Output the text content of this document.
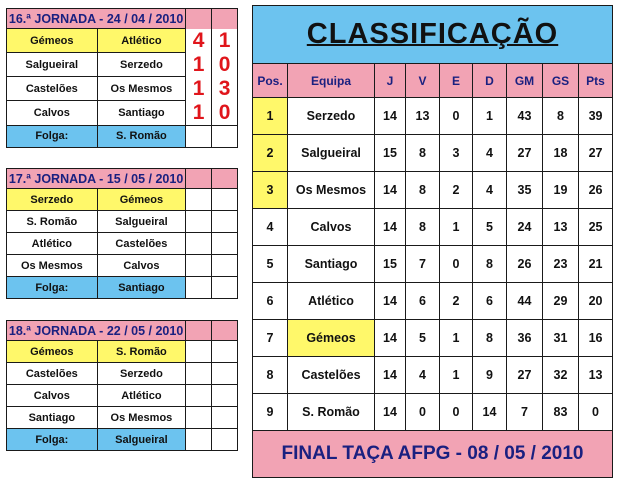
16.ª JORNADA - 24 / 04 / 2010			
Gémeos	Atlético	4	1
Salgueiral	Serzedo	1	0
Castelões	Os Mesmos	1	3
Calvos	Santiago	1	0
Folga:	S. Romão		
17.ª JORNADA - 15 / 05 / 2010			
Serzedo	Gémeos		
S. Romão	Salgueiral		
Atlético	Castelões		
Os Mesmos	Calvos		
Folga:	Santiago		
18.ª JORNADA - 22 / 05 / 2010			
Gémeos	S. Romão		
Castelões	Serzedo		
Calvos	Atlético		
Santiago	Os Mesmos		
Folga:	Salgueiral		
CLASSIFICAÇÃO								
Pos.	Equipa	J	V	E	D	GM	GS	Pts
1	Serzedo	14	13	0	1	43	8	39
2	Salgueiral	15	8	3	4	27	18	27
3	Os Mesmos	14	8	2	4	35	19	26
4	Calvos	14	8	1	5	24	13	25
5	Santiago	15	7	0	8	26	23	21
6	Atlético	14	6	2	6	44	29	20
7	Gémeos	14	5	1	8	36	31	16
8	Castelões	14	4	1	9	27	32	13
9	S. Romão	14	0	0	14	7	83	0
FINAL TAÇA AFPG - 08 / 05 / 2010								
